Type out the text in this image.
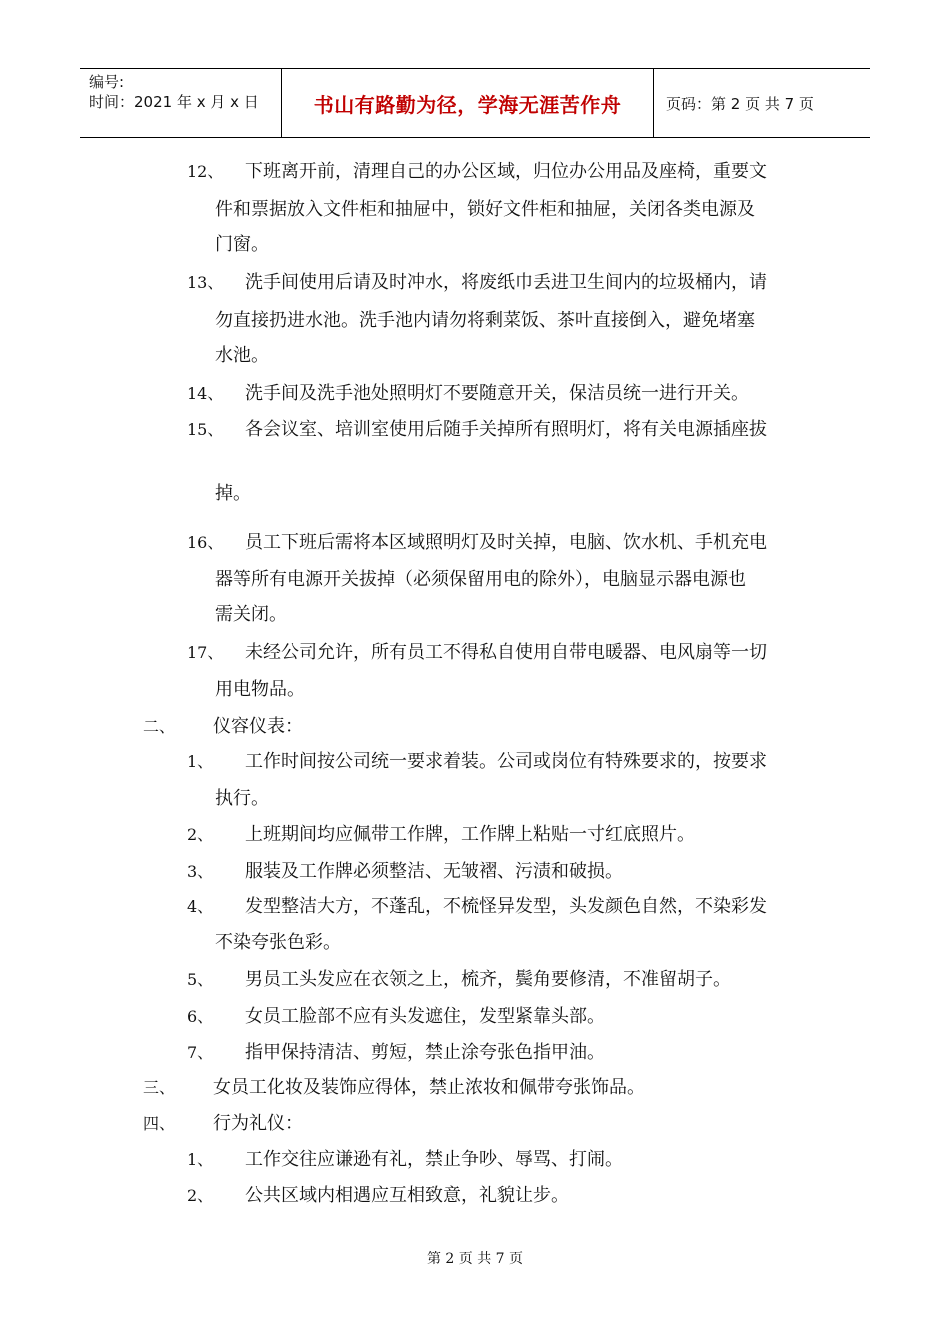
编号:
时间：2021 年 x 月 x 日	书山有路勤为径，学海无涯苦作舟	页码：第 2 页 共 7 页
12、 下班离开前，清理自己的办公区域，归位办公用品及座椅，重要文
件和票据放入文件柜和抽屉中，锁好文件柜和抽屉，关闭各类电源及
门窗。
13、 洗手间使用后请及时冲水，将废纸巾丢进卫生间内的垃圾桶内，请
勿直接扔进水池。洗手池内请勿将剩菜饭、茶叶直接倒入，避免堵塞
水池。
14、 洗手间及洗手池处照明灯不要随意开关，保洁员统一进行开关。
15、 各会议室、培训室使用后随手关掉所有照明灯，将有关电源插座拔
掉。
16、 员工下班后需将本区域照明灯及时关掉，电脑、饮水机、手机充电
器等所有电源开关拔掉（必须保留用电的除外），电脑显示器电源也
需关闭。
17、 未经公司允许，所有员工不得私自使用自带电暖器、电风扇等一切
用电物品。
二、 仪容仪表：
1、 工作时间按公司统一要求着装。公司或岗位有特殊要求的，按要求
执行。
2、 上班期间均应佩带工作牌，工作牌上粘贴一寸红底照片。
3、 服装及工作牌必须整洁、无皱褶、污渍和破损。
4、 发型整洁大方，不蓬乱，不梳怪异发型，头发颜色自然，不染彩发
不染夸张色彩。
5、 男员工头发应在衣领之上，梳齐，鬓角要修清，不准留胡子。
6、 女员工脸部不应有头发遮住，发型紧靠头部。
7、 指甲保持清洁、剪短，禁止涂夸张色指甲油。
三、 女员工化妆及装饰应得体，禁止浓妆和佩带夸张饰品。
四、 行为礼仪：
1、 工作交往应谦逊有礼，禁止争吵、辱骂、打闹。
2、 公共区域内相遇应互相致意，礼貌让步。
第 2 页 共 7 页
